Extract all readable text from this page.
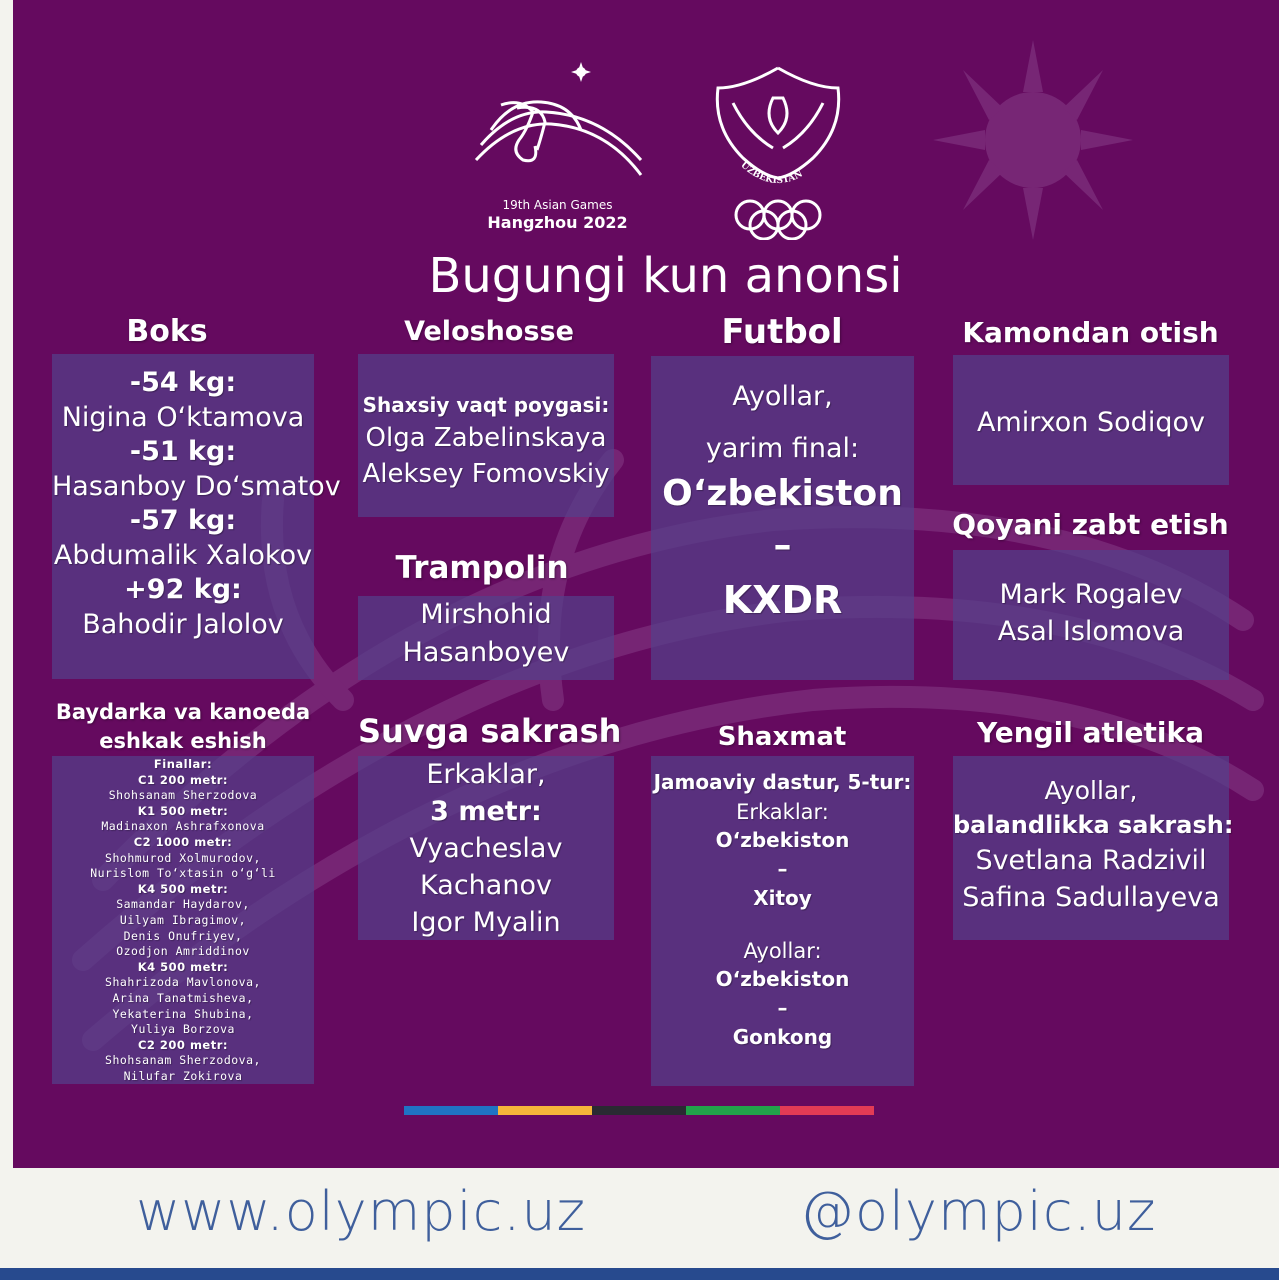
19th Asian Games
Hangzhou 2022
UZBEKISTAN
Bugungi kun anonsi
Boks
-54 kg:
Nigina O‘ktamova
-51 kg:
Hasanboy Do‘smatov
-57 kg:
Abdumalik Xalokov
+92 kg:
Bahodir Jalolov
Baydarka va kanoeda
eshkak eshish
Finallar:
C1 200 metr:
Shohsanam Sherzodova
K1 500 metr:
Madinaxon Ashrafxonova
C2 1000 metr:
Shohmurod Xolmurodov,
Nurislom To‘xtasin o‘g‘li
K4 500 metr:
Samandar Haydarov,
Uilyam Ibragimov,
Denis Onufriyev,
Ozodjon Amriddinov
K4 500 metr:
Shahrizoda Mavlonova,
Arina Tanatmisheva,
Yekaterina Shubina,
Yuliya Borzova
C2 200 metr:
Shohsanam Sherzodova,
Nilufar Zokirova
Veloshosse
Shaxsiy vaqt poygasi:
Olga Zabelinskaya
Aleksey Fomovskiy
Trampolin
Mirshohid
Hasanboyev
Suvga sakrash
Erkaklar,
3 metr:
Vyacheslav
Kachanov
Igor Myalin
Futbol
Ayollar,
yarim final:
O‘zbekiston
–
KXDR
Shaxmat
Jamoaviy dastur, 5-tur:
Erkaklar:
O‘zbekiston
–
Xitoy
Ayollar:
O‘zbekiston
–
Gonkong
Kamondan otish
Amirxon Sodiqov
Qoyani zabt etish
Mark Rogalev
Asal Islomova
Yengil atletika
Ayollar,
balandlikka sakrash:
Svetlana Radzivil
Safina Sadullayeva
www.olympic.uz	@olympic.uz
